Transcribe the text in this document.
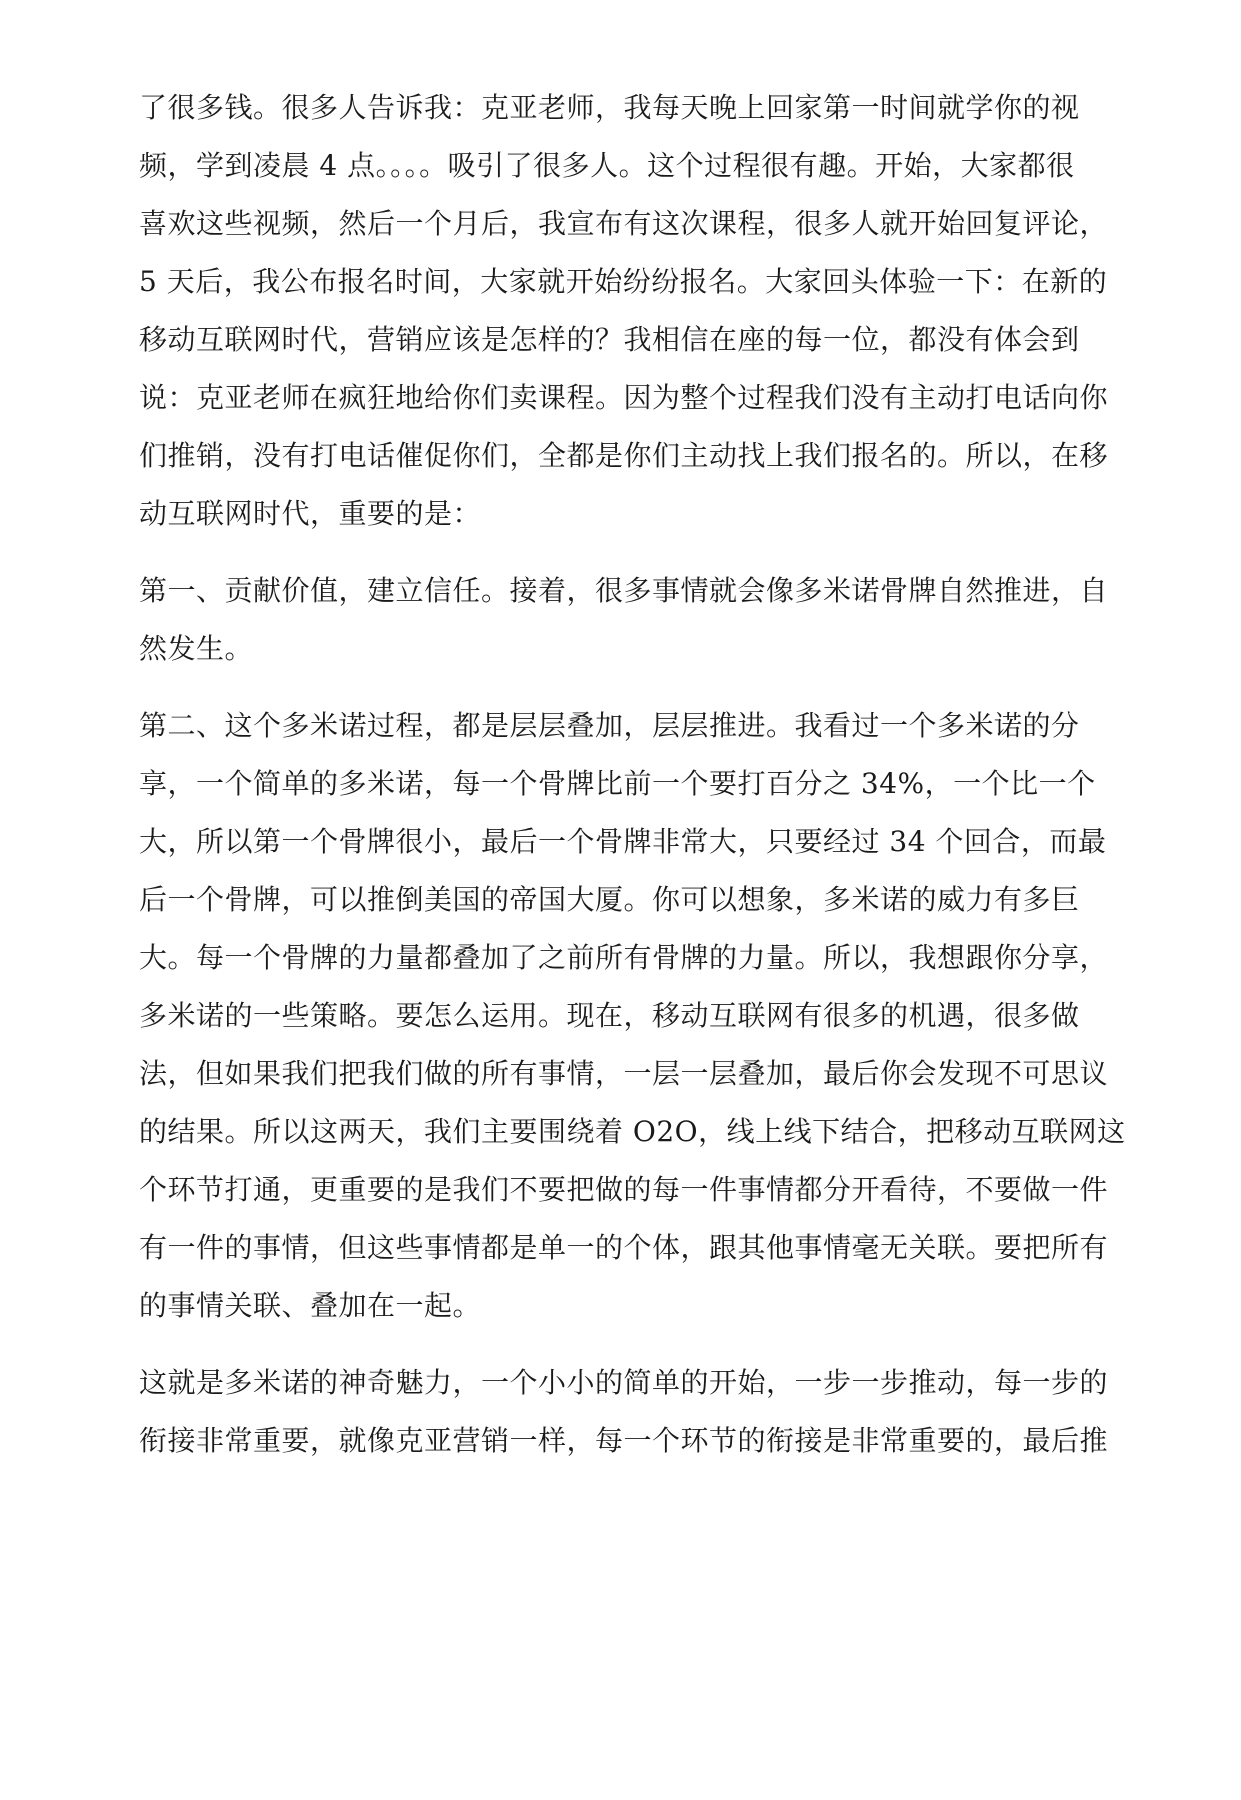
了很多钱。很多人告诉我：克亚老师，我每天晚上回家第一时间就学你的视
频，学到凌晨 4 点。。。。吸引了很多人。这个过程很有趣。开始，大家都很
喜欢这些视频，然后一个月后，我宣布有这次课程，很多人就开始回复评论，
5 天后，我公布报名时间，大家就开始纷纷报名。大家回头体验一下：在新的
移动互联网时代，营销应该是怎样的？我相信在座的每一位，都没有体会到
说：克亚老师在疯狂地给你们卖课程。因为整个过程我们没有主动打电话向你
们推销，没有打电话催促你们，全都是你们主动找上我们报名的。所以，在移
动互联网时代，重要的是：
第一、贡献价值，建立信任。接着，很多事情就会像多米诺骨牌自然推进，自
然发生。
第二、这个多米诺过程，都是层层叠加，层层推进。我看过一个多米诺的分
享，一个简单的多米诺，每一个骨牌比前一个要打百分之 34%，一个比一个
大，所以第一个骨牌很小，最后一个骨牌非常大，只要经过 34 个回合，而最
后一个骨牌，可以推倒美国的帝国大厦。你可以想象，多米诺的威力有多巨
大。每一个骨牌的力量都叠加了之前所有骨牌的力量。所以，我想跟你分享，
多米诺的一些策略。要怎么运用。现在，移动互联网有很多的机遇，很多做
法，但如果我们把我们做的所有事情，一层一层叠加，最后你会发现不可思议
的结果。所以这两天，我们主要围绕着 O2O，线上线下结合，把移动互联网这
个环节打通，更重要的是我们不要把做的每一件事情都分开看待，不要做一件
有一件的事情，但这些事情都是单一的个体，跟其他事情毫无关联。要把所有
的事情关联、叠加在一起。
这就是多米诺的神奇魅力，一个小小的简单的开始，一步一步推动，每一步的
衔接非常重要，就像克亚营销一样，每一个环节的衔接是非常重要的，最后推
